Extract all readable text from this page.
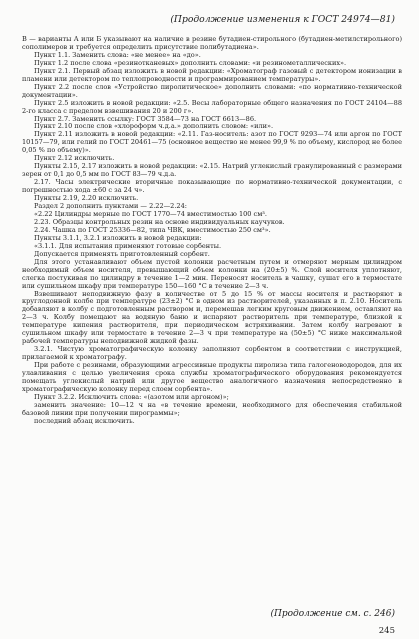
(Продолжение изменения к ГОСТ 24974—81)

В — варианты А или Б указывают на наличие в резине бутадиен-стирольного (бутадиен-метилстирольного) сополимеров и требуется определить присутствие полибутадиена».

Пункт 1.1. Заменить слова: «не менее» на «до».

Пункт 1.2 после слова «резинотканевых» дополнить словами: «и резинометаллических».

Пункт 2.1. Первый абзац изложить в новой редакции: «Хроматограф газовый с детектором ионизации в пламени или детектором по теплопроводности и программированием температуры».

Пункт 2.2 после слов «Устройство пиролитическое» дополнить словами: «по нормативно-технической документации».

Пункт 2.5 изложить в новой редакции: «2.5. Весы лабораторные общего назначения по ГОСТ 24104—88 2-го класса с пределом взвешивания 20 и 200 г».

Пункт 2.7. Заменить ссылку: ГОСТ 3584—73 на ГОСТ 6613—86.

Пункт 2.10 после слов «хлороформ ч.д.а.» дополнить словом: «или».

Пункт 2.11 изложить в новой редакции: «2.11. Газ-носитель: азот по ГОСТ 9293—74 или аргон по ГОСТ 10157—79, или гелий по ГОСТ 20461—75 (основное вещество не менее 99,9 % по объему, кислород не более 0,05 % по объему)».

Пункт 2.12 исключить.

Пункты 2.15, 2.17 изложить в новой редакции: «2.15. Натрий углекислый гранулированный с размерами зерен от 0,1 до 0,5 мм по ГОСТ 83—79 ч.д.а.

2.17. Часы электрические вторичные показывающие по нормативно-технической документации, с погрешностью хода ±60 с за 24 ч».

Пункты 2.19, 2.20 исключить.

Раздел 2 дополнить пунктами — 2.22—2.24:

«2.22 Цилиндры мерные по ГОСТ 1770—74 вместимостью 100 см³.

2.23. Образцы контрольных резин на основе индивидуальных каучуков.

2.24. Чашка по ГОСТ 25336—82, типа ЧВК, вместимостью 250 см³».

Пункты 3.1.1, 3.2.1 изложить в новой редакции:

«3.1.1. Для испытания применяют готовые сорбенты.

Допускается применять приготовленный сорбент.

Для этого устанавливают объем пустой колонки расчетным путем и отмеряют мерным цилиндром необходимый объем носителя, превышающий объем колонки на (20±5) %. Слой носителя уплотняют, слегка постукивая по цилиндру в течение 1—2 мин. Переносят носитель в чашку, сушат его в термостате или сушильном шкафу при температуре 150—160 °С в течение 2—3 ч.

Взвешивают неподвижную фазу в количестве от 5 до 15 % от массы носителя и растворяют в круглодонной колбе при температуре (23±2) °С в одном из растворителей, указанных в п. 2.10. Носитель добавляют в колбу с подготовленным раствором и, перемешав легким круговым движением, оставляют на 2—3 ч. Колбу помещают на водяную баню и испаряют растворитель при температуре, близкой к температуре кипения растворителя, при периодическом встряхивании. Затем колбу нагревают в сушильном шкафу или термостате в течение 2—3 ч при температуре на (50±5) °С ниже максимальной рабочей температуры неподвижной жидкой фазы.

3.2.1. Чистую хроматографическую колонку заполняют сорбентом в соответствии с инструкцией, прилагаемой к хроматографу.

При работе с резинами, образующими агрессивные продукты пиролиза типа галогеноводородов, для их улавливания с целью увеличения срока службы хроматографического оборудования рекомендуется помещать углекислый натрий или другое вещество аналогичного назначения непосредственно в хроматографическую колонку перед слоем сорбента».

Пункт 3.2.2. Исключить слова: «(азотом или аргоном)»;

заменить значение: 10—12 ч на «в течение времени, необходимого для обеспечения стабильной базовой линии при получении пирограммы»;

последний абзац исключить.

(Продолжение см. с. 246)
245
